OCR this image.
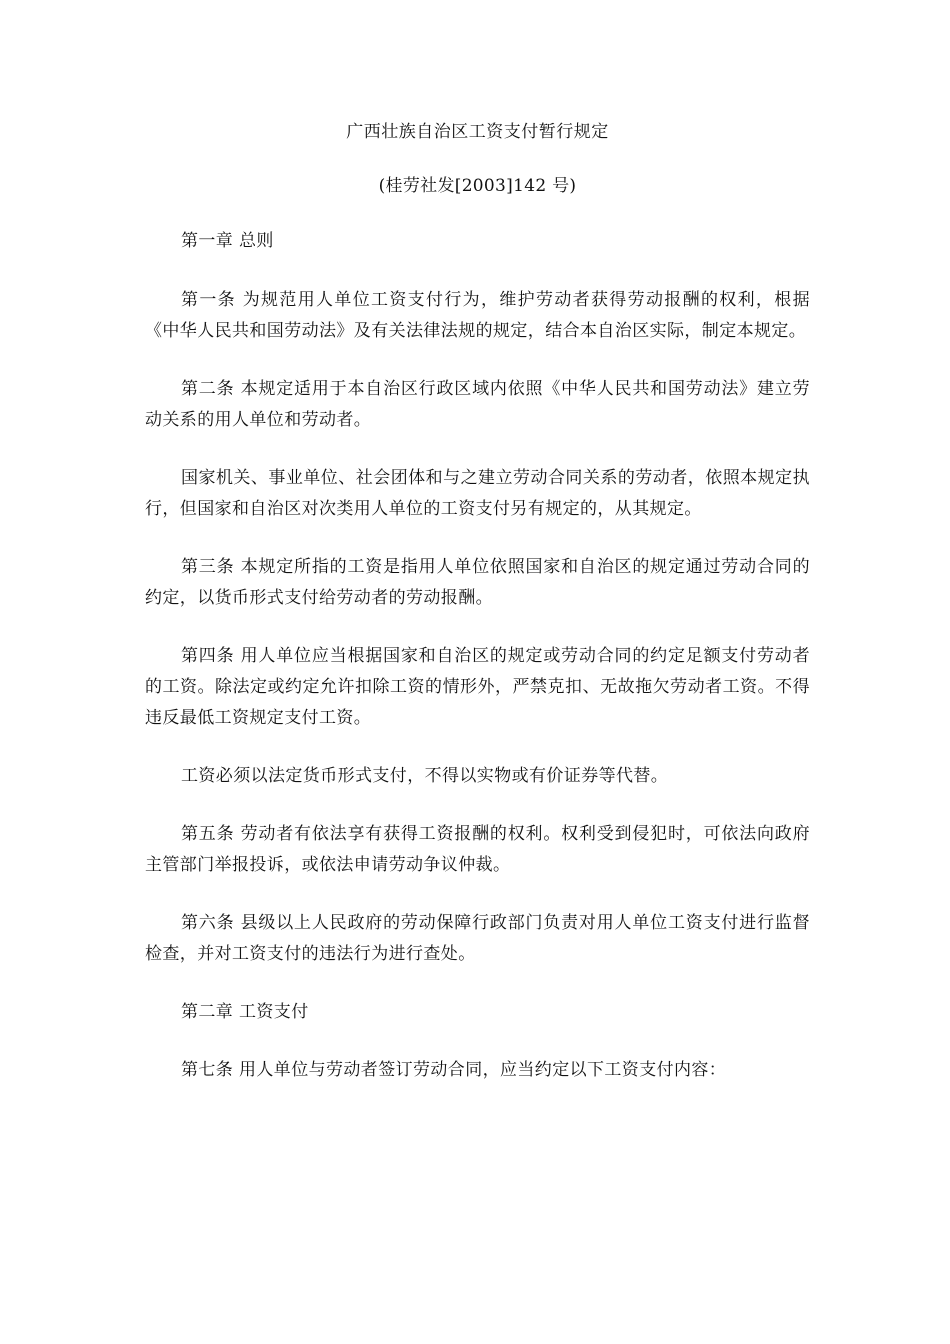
广西壮族自治区工资支付暂行规定
(桂劳社发[2003]142 号)

第一章 总则

第一条 为规范用人单位工资支付行为，维护劳动者获得劳动报酬的权利，根据《中华人民共和国劳动法》及有关法律法规的规定，结合本自治区实际，制定本规定。

第二条 本规定适用于本自治区行政区域内依照《中华人民共和国劳动法》建立劳动关系的用人单位和劳动者。

国家机关、事业单位、社会团体和与之建立劳动合同关系的劳动者，依照本规定执行，但国家和自治区对次类用人单位的工资支付另有规定的，从其规定。

第三条 本规定所指的工资是指用人单位依照国家和自治区的规定通过劳动合同的约定，以货币形式支付给劳动者的劳动报酬。

第四条 用人单位应当根据国家和自治区的规定或劳动合同的约定足额支付劳动者的工资。除法定或约定允许扣除工资的情形外，严禁克扣、无故拖欠劳动者工资。不得违反最低工资规定支付工资。

工资必须以法定货币形式支付，不得以实物或有价证券等代替。

第五条 劳动者有依法享有获得工资报酬的权利。权利受到侵犯时，可依法向政府主管部门举报投诉，或依法申请劳动争议仲裁。

第六条 县级以上人民政府的劳动保障行政部门负责对用人单位工资支付进行监督检查，并对工资支付的违法行为进行查处。

第二章 工资支付

第七条 用人单位与劳动者签订劳动合同，应当约定以下工资支付内容：
